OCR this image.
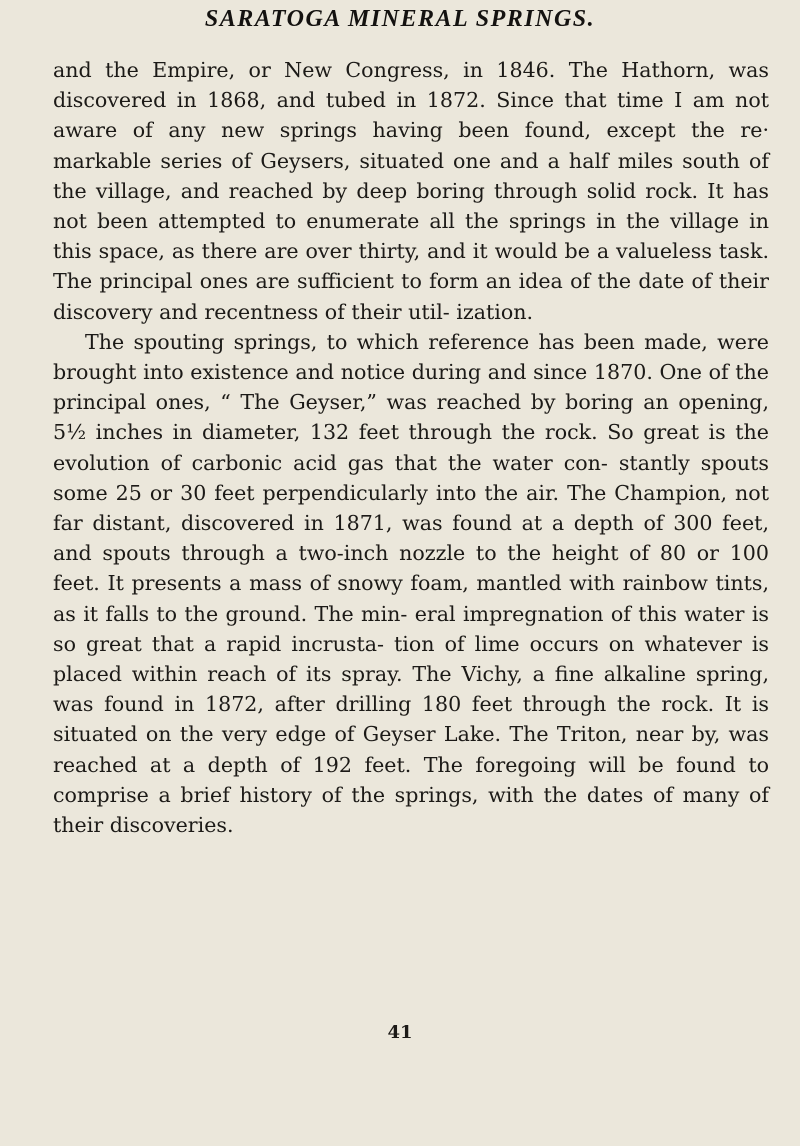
SARATOGA MINERAL SPRINGS.

and the Empire, or New Congress, in 1846. The Hathorn, was discovered in 1868, and tubed in 1872. Since that time I am not aware of any new springs having been found, except the re· markable series of Geysers, situated one and a half miles south of the village, and reached by deep boring through solid rock. It has not been attempted to enumerate all the springs in the village in this space, as there are over thirty, and it would be a valueless task. The principal ones are sufficient to form an idea of the date of their discovery and recentness of their util- ization.

The spouting springs, to which reference has been made, were brought into existence and notice during and since 1870. One of the principal ones, “ The Geyser,” was reached by boring an opening, 5½ inches in diameter, 132 feet through the rock. So great is the evolution of carbonic acid gas that the water con- stantly spouts some 25 or 30 feet perpendicularly into the air. The Champion, not far distant, discovered in 1871, was found at a depth of 300 feet, and spouts through a two-inch nozzle to the height of 80 or 100 feet. It presents a mass of snowy foam, mantled with rainbow tints, as it falls to the ground. The min- eral impregnation of this water is so great that a rapid incrusta- tion of lime occurs on whatever is placed within reach of its spray. The Vichy, a fine alkaline spring, was found in 1872, after drilling 180 feet through the rock. It is situated on the very edge of Geyser Lake. The Triton, near by, was reached at a depth of 192 feet. The foregoing will be found to comprise a brief history of the springs, with the dates of many of their discoveries.

41
